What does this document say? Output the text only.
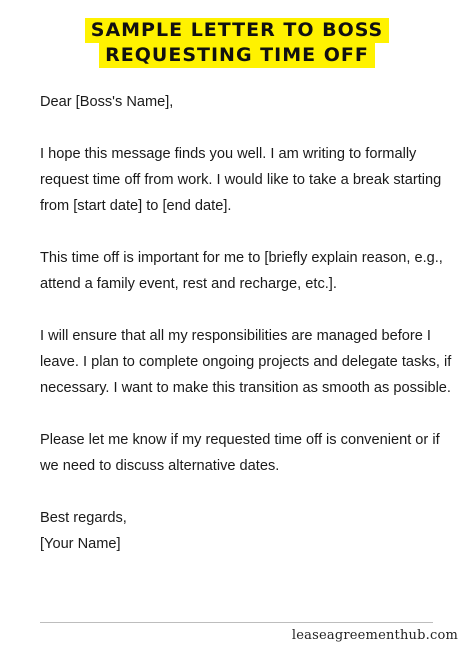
SAMPLE LETTER TO BOSS
REQUESTING TIME OFF

Dear [Boss's Name],

I hope this message finds you well. I am writing to formally request time off from work. I would like to take a break starting from [start date] to [end date].

This time off is important for me to [briefly explain reason, e.g., attend a family event, rest and recharge, etc.].

I will ensure that all my responsibilities are managed before I leave. I plan to complete ongoing projects and delegate tasks, if necessary. I want to make this transition as smooth as possible.

Please let me know if my requested time off is convenient or if we need to discuss alternative dates.

Best regards,

[Your Name]

leaseagreementhub.com
